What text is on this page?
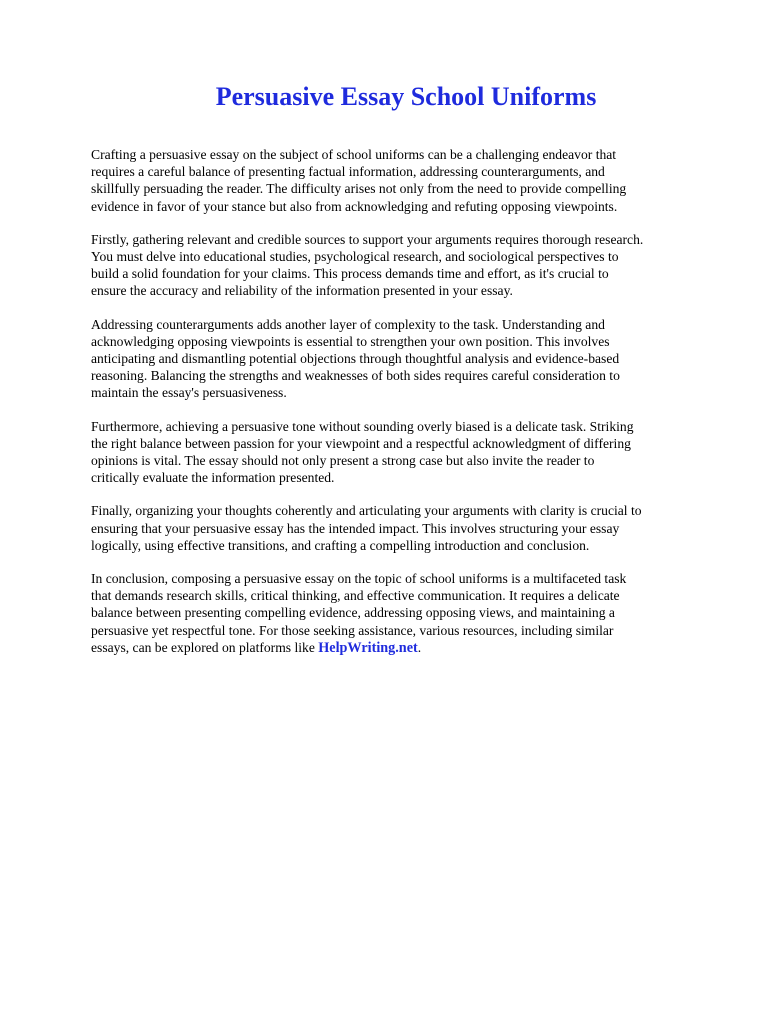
Persuasive Essay School Uniforms

Crafting a persuasive essay on the subject of school uniforms can be a challenging endeavor that
requires a careful balance of presenting factual information, addressing counterarguments, and
skillfully persuading the reader. The difficulty arises not only from the need to provide compelling
evidence in favor of your stance but also from acknowledging and refuting opposing viewpoints.

Firstly, gathering relevant and credible sources to support your arguments requires thorough research.
You must delve into educational studies, psychological research, and sociological perspectives to
build a solid foundation for your claims. This process demands time and effort, as it's crucial to
ensure the accuracy and reliability of the information presented in your essay.

Addressing counterarguments adds another layer of complexity to the task. Understanding and
acknowledging opposing viewpoints is essential to strengthen your own position. This involves
anticipating and dismantling potential objections through thoughtful analysis and evidence-based
reasoning. Balancing the strengths and weaknesses of both sides requires careful consideration to
maintain the essay's persuasiveness.

Furthermore, achieving a persuasive tone without sounding overly biased is a delicate task. Striking
the right balance between passion for your viewpoint and a respectful acknowledgment of differing
opinions is vital. The essay should not only present a strong case but also invite the reader to
critically evaluate the information presented.

Finally, organizing your thoughts coherently and articulating your arguments with clarity is crucial to
ensuring that your persuasive essay has the intended impact. This involves structuring your essay
logically, using effective transitions, and crafting a compelling introduction and conclusion.

In conclusion, composing a persuasive essay on the topic of school uniforms is a multifaceted task
that demands research skills, critical thinking, and effective communication. It requires a delicate
balance between presenting compelling evidence, addressing opposing views, and maintaining a
persuasive yet respectful tone. For those seeking assistance, various resources, including similar
essays, can be explored on platforms like HelpWriting.net.
